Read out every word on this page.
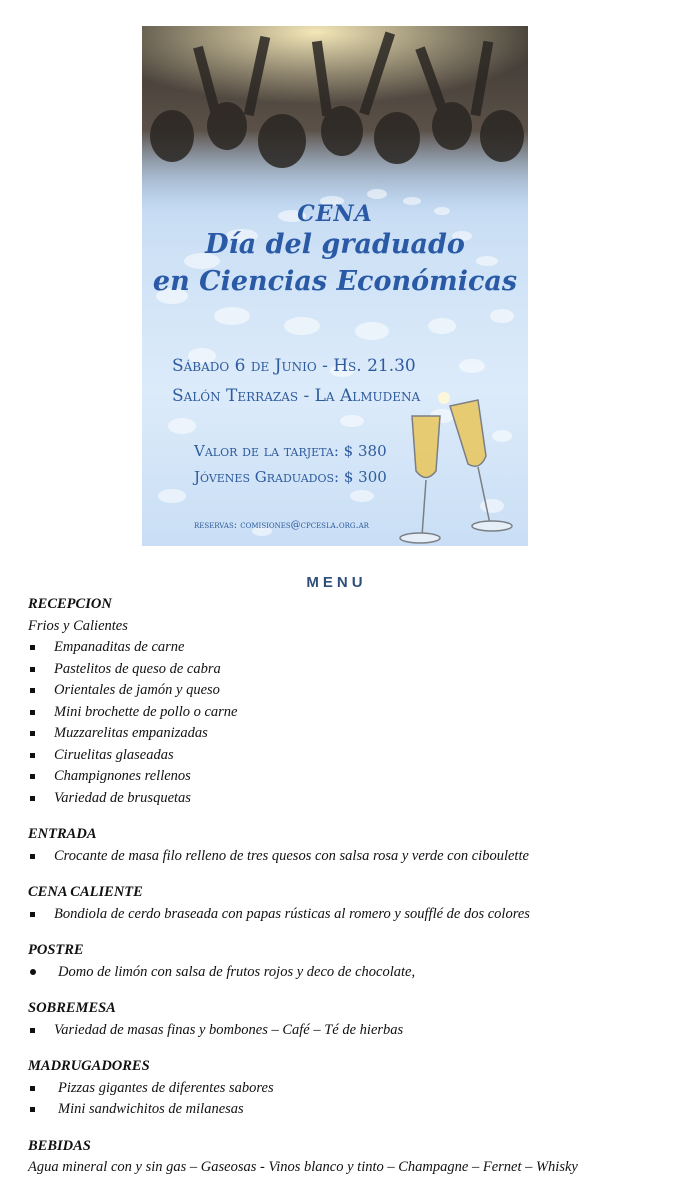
CENA
Día del graduado
en Ciencias Económicas
Sábado 6 de Junio - Hs. 21.30
Salón Terrazas - La Almudena
Valor de la tarjeta: $ 380
Jóvenes Graduados: $ 300
reservas: comisiones@cpcesla.org.ar
MENU

RECEPCION

Frios y Calientes

Empanaditas de carne
Pastelitos de queso de cabra
Orientales de jamón y queso
Mini brochette de pollo o carne
Muzzarelitas empanizadas
Ciruelitas glaseadas
Champignones rellenos
Variedad de brusquetas

ENTRADA

Crocante de masa filo relleno de tres quesos con salsa rosa y verde con ciboulette

CENA CALIENTE

Bondiola de cerdo braseada con papas rústicas al romero y soufflé de dos colores

POSTRE

Domo de limón con salsa de frutos rojos y deco de chocolate,

SOBREMESA

Variedad de masas finas y bombones – Café – Té de hierbas

MADRUGADORES

Pizzas gigantes de diferentes sabores
Mini sandwichitos de milanesas

BEBIDAS

Agua mineral con y sin gas – Gaseosas - Vinos blanco y tinto – Champagne – Fernet – Whisky
